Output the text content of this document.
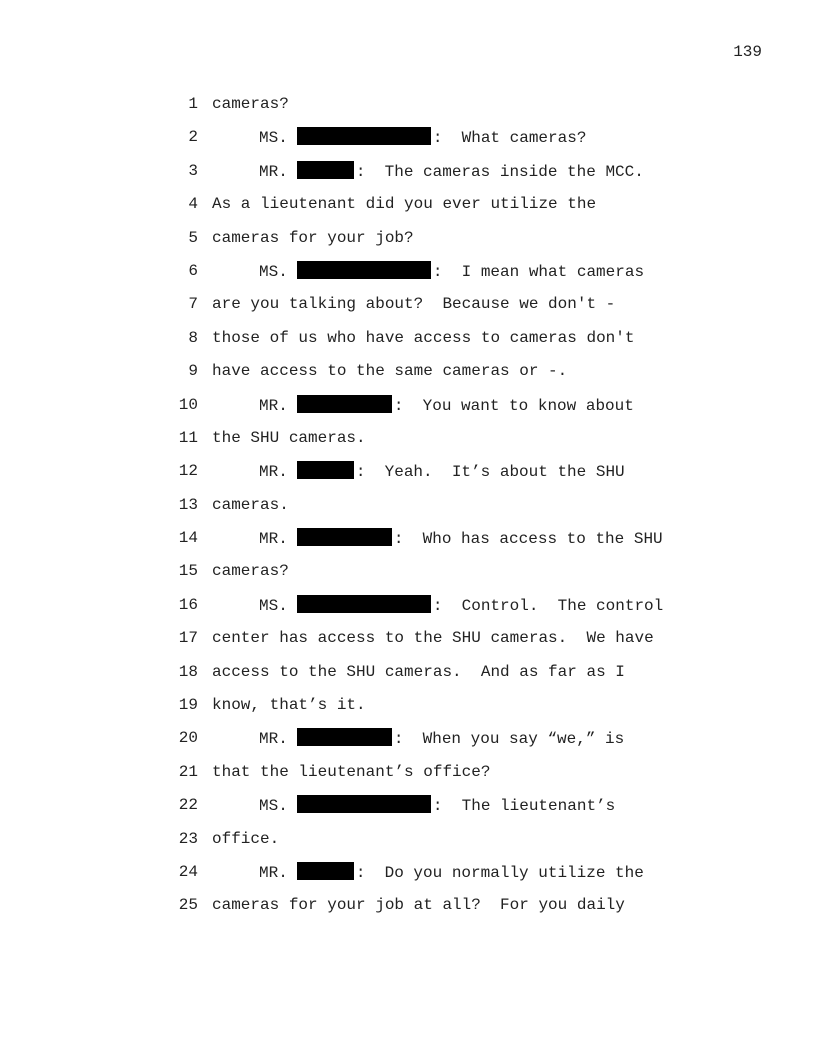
139
1 cameras?
2	MS.	:  What cameras?
3	MR.	:  The cameras inside the MCC.
4 As a lieutenant did you ever utilize the
5 cameras for your job?
6	MS.	:  I mean what cameras
7 are you talking about?  Because we don't -
8 those of us who have access to cameras don't
9 have access to the same cameras or -.
10	MR.	:  You want to know about
11 the SHU cameras.
12	MR.	:  Yeah.  It’s about the SHU
13 cameras.
14	MR.	:  Who has access to the SHU
15 cameras?
16	MS.	:  Control.  The control
17 center has access to the SHU cameras.  We have
18 access to the SHU cameras.  And as far as I
19 know, that’s it.
20	MR.	:  When you say “we,” is
21 that the lieutenant’s office?
22	MS.	:  The lieutenant’s
23 office.
24	MR.	:  Do you normally utilize the
25 cameras for your job at all?  For you daily
